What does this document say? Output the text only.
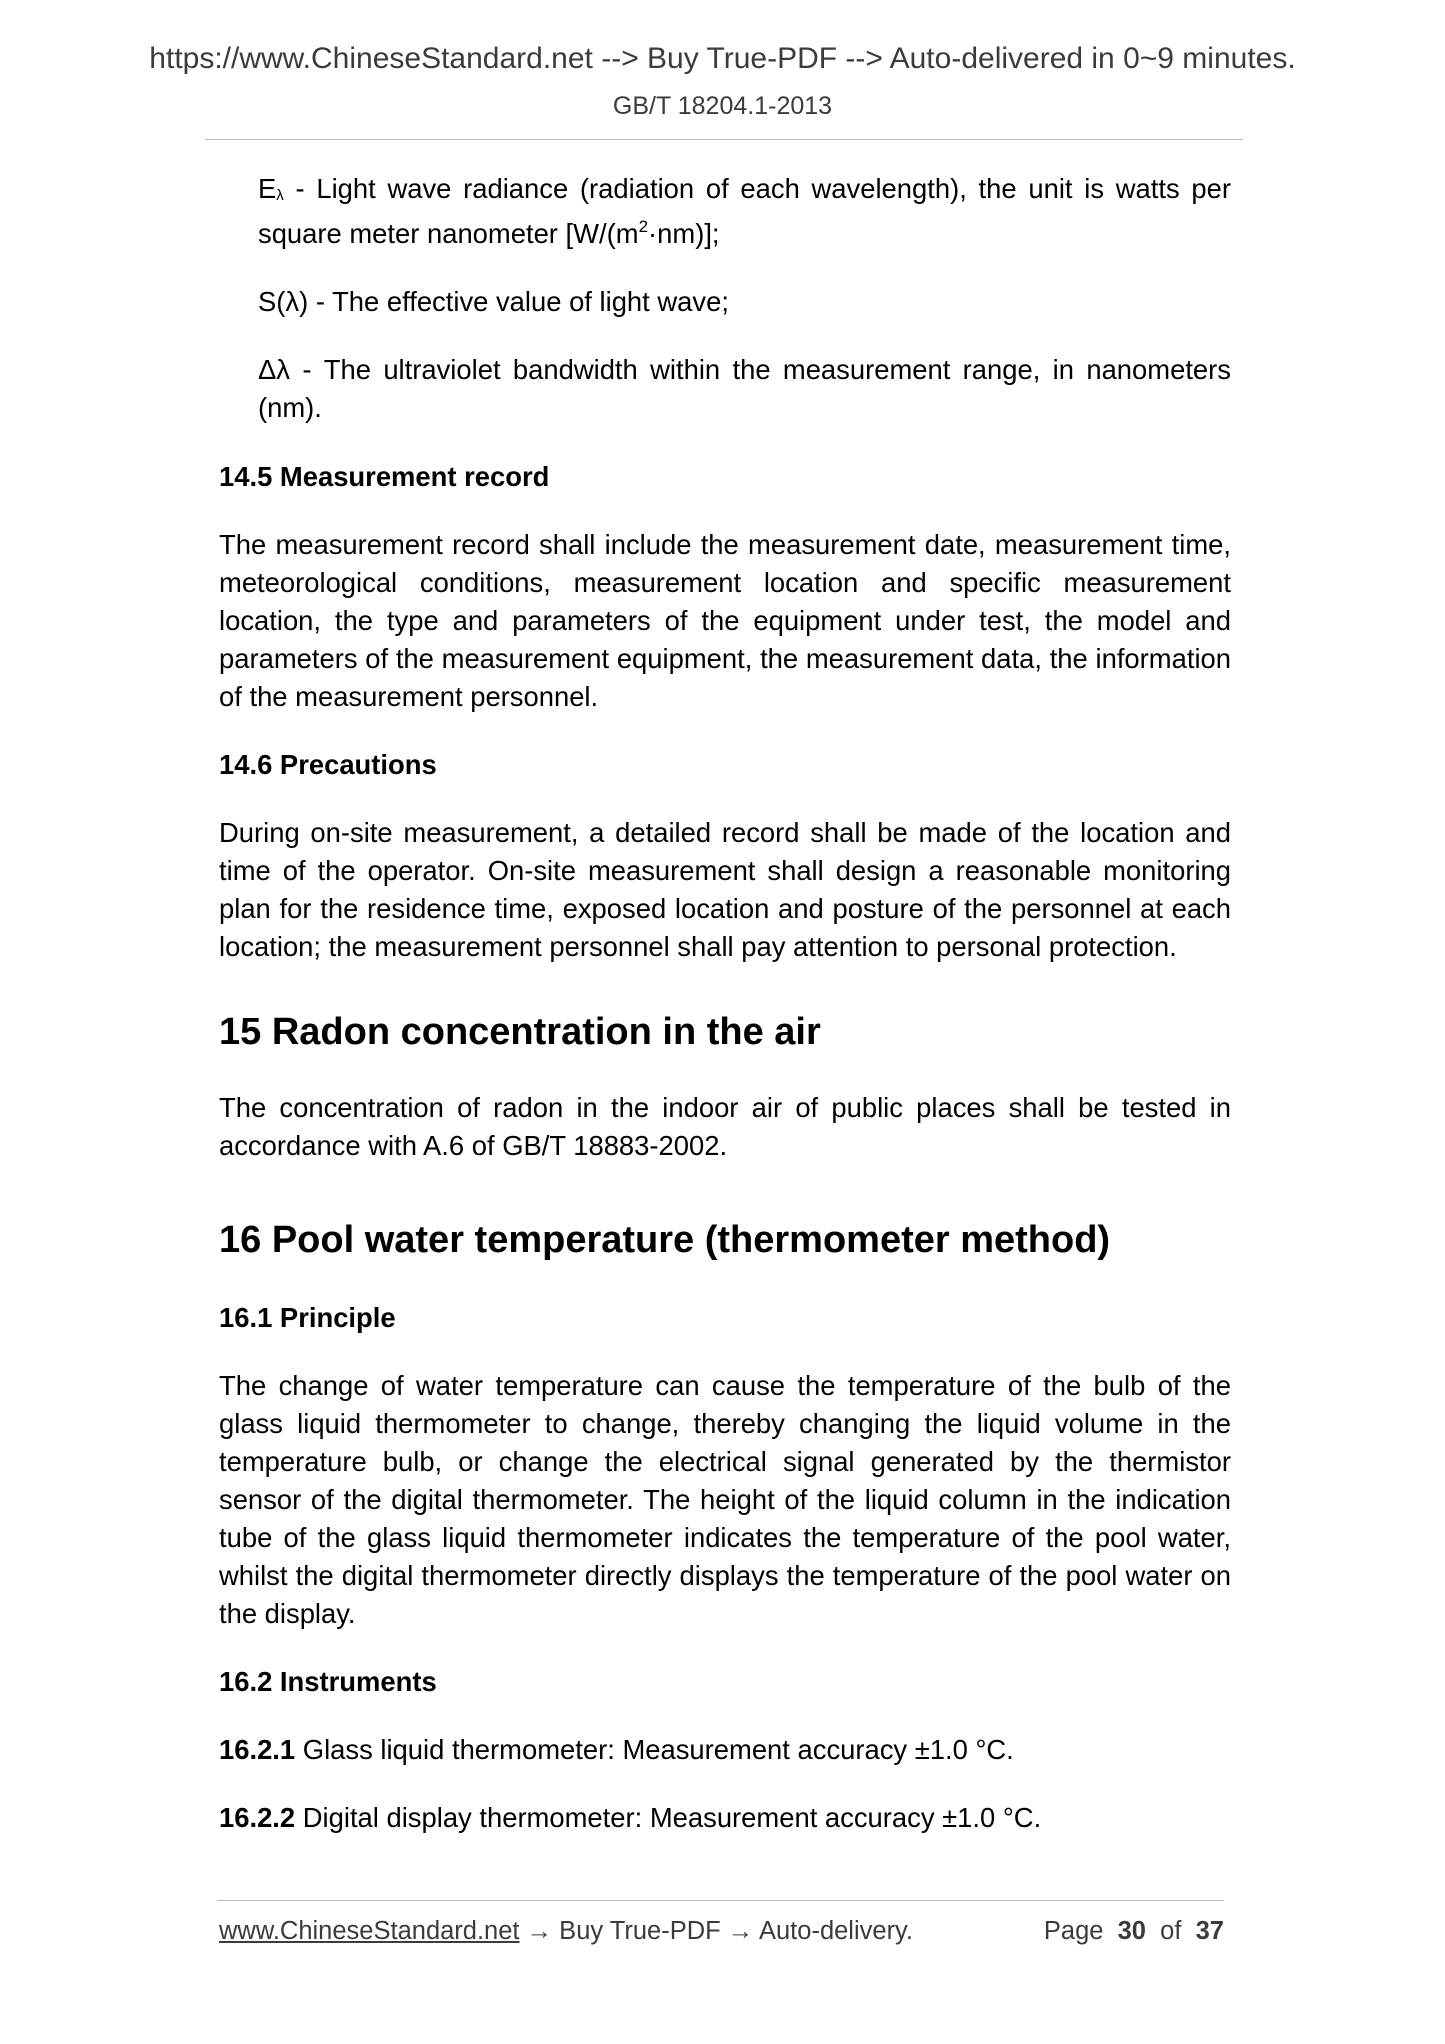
https://www.ChineseStandard.net --> Buy True-PDF --> Auto-delivered in 0~9 minutes.
GB/T 18204.1-2013

Eλ - Light wave radiance (radiation of each wavelength), the unit is watts per square meter nanometer $[W/(m^2\cdot nm)]$;

S(λ) - The effective value of light wave;

Δλ - The ultraviolet bandwidth within the measurement range, in nanometers (nm).

14.5 Measurement record

The measurement record shall include the measurement date, measurement time, meteorological conditions, measurement location and specific measurement location, the type and parameters of the equipment under test, the model and parameters of the measurement equipment, the measurement data, the information of the measurement personnel.

14.6 Precautions

During on-site measurement, a detailed record shall be made of the location and time of the operator. On-site measurement shall design a reasonable monitoring plan for the residence time, exposed location and posture of the personnel at each location; the measurement personnel shall pay attention to personal protection.

15 Radon concentration in the air

The concentration of radon in the indoor air of public places shall be tested in accordance with A.6 of GB/T 18883-2002.

16 Pool water temperature (thermometer method)
16.1 Principle

The change of water temperature can cause the temperature of the bulb of the glass liquid thermometer to change, thereby changing the liquid volume in the temperature bulb, or change the electrical signal generated by the thermistor sensor of the digital thermometer. The height of the liquid column in the indication tube of the glass liquid thermometer indicates the temperature of the pool water, whilst the digital thermometer directly displays the temperature of the pool water on the display.

16.2 Instruments

16.2.1 Glass liquid thermometer: Measurement accuracy ±1.0 °C.

16.2.2 Digital display thermometer: Measurement accuracy ±1.0 °C.

www.ChineseStandard.net → Buy True-PDF → Auto-delivery.	Page 30 of 37
